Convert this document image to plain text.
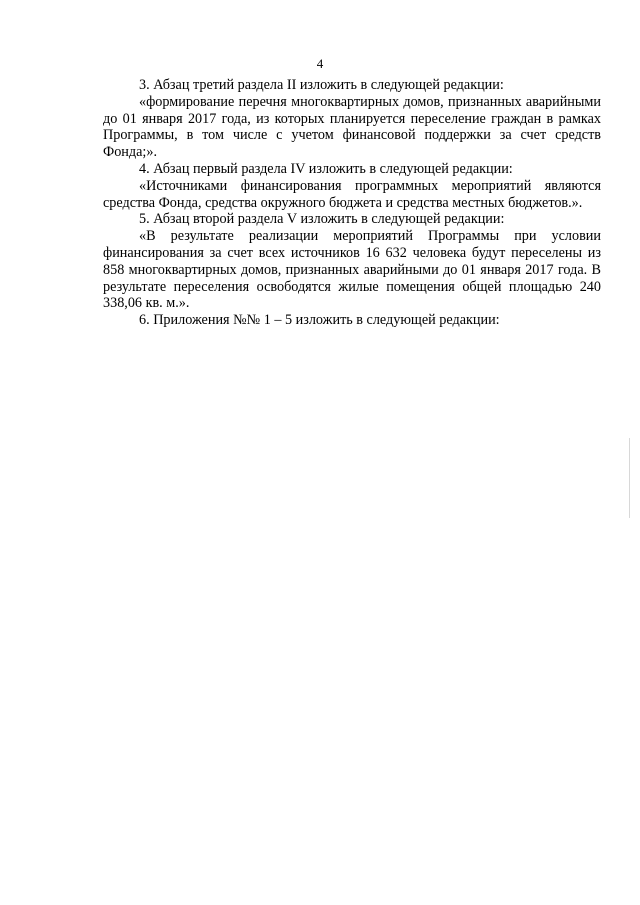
4

3. Абзац третий раздела II изложить в следующей редакции:

«формирование перечня многоквартирных домов, признанных аварийными до 01 января 2017 года, из которых планируется переселение граждан в рамках Программы, в том числе с учетом финансовой поддержки за счет средств Фонда;».

4. Абзац первый раздела IV изложить в следующей редакции:

«Источниками финансирования программных мероприятий являются средства Фонда, средства окружного бюджета и средства местных бюджетов.».

5. Абзац второй раздела V изложить в следующей редакции:

«В результате реализации мероприятий Программы при условии финансирования за счет всех источников 16 632 человека будут переселены из 858 многоквартирных домов, признанных аварийными до 01 января 2017 года. В результате переселения освободятся жилые помещения общей площадью 240 338,06 кв. м.».

6. Приложения №№ 1 – 5 изложить в следующей редакции:
